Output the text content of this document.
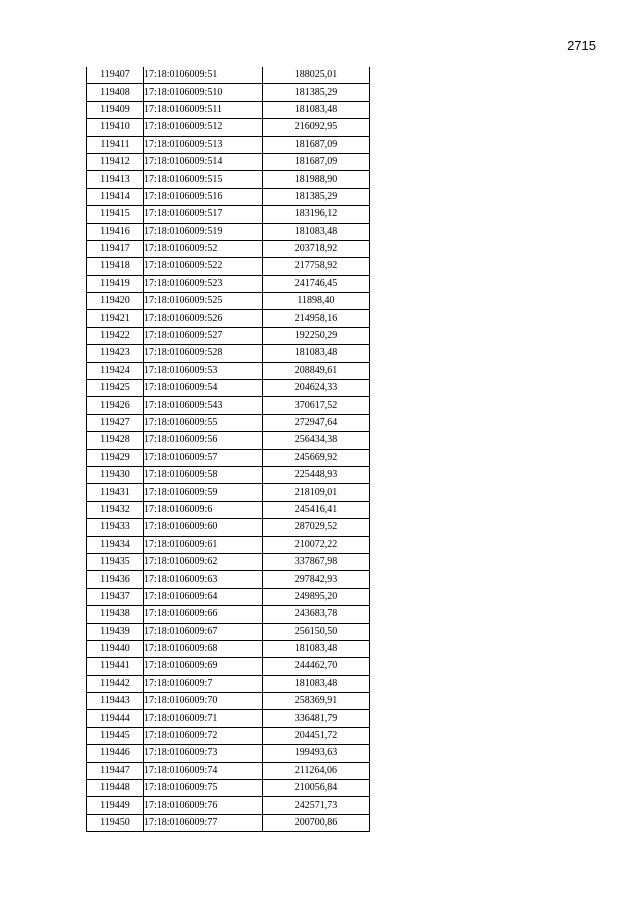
2715
119407	17:18:0106009:51	188025,01
119408	17:18:0106009:510	181385,29
119409	17:18:0106009:511	181083,48
119410	17:18:0106009:512	216092,95
119411	17:18:0106009:513	181687,09
119412	17:18:0106009:514	181687,09
119413	17:18:0106009:515	181988,90
119414	17:18:0106009:516	181385,29
119415	17:18:0106009:517	183196,12
119416	17:18:0106009:519	181083,48
119417	17:18:0106009:52	203718,92
119418	17:18:0106009:522	217758,92
119419	17:18:0106009:523	241746,45
119420	17:18:0106009:525	11898,40
119421	17:18:0106009:526	214958,16
119422	17:18:0106009:527	192250,29
119423	17:18:0106009:528	181083,48
119424	17:18:0106009:53	208849,61
119425	17:18:0106009:54	204624,33
119426	17:18:0106009:543	370617,52
119427	17:18:0106009:55	272947,64
119428	17:18:0106009:56	256434,38
119429	17:18:0106009:57	245669,92
119430	17:18:0106009:58	225448,93
119431	17:18:0106009:59	218109,01
119432	17:18:0106009:6	245416,41
119433	17:18:0106009:60	287029,52
119434	17:18:0106009:61	210072,22
119435	17:18:0106009:62	337867,98
119436	17:18:0106009:63	297842,93
119437	17:18:0106009:64	249895,20
119438	17:18:0106009:66	243683,78
119439	17:18:0106009:67	256150,50
119440	17:18:0106009:68	181083,48
119441	17:18:0106009:69	244462,70
119442	17:18:0106009:7	181083,48
119443	17:18:0106009:70	258369,91
119444	17:18:0106009:71	336481,79
119445	17:18:0106009:72	204451,72
119446	17:18:0106009:73	199493,63
119447	17:18:0106009:74	211264,06
119448	17:18:0106009:75	210056,84
119449	17:18:0106009:76	242571,73
119450	17:18:0106009:77	200700,86
